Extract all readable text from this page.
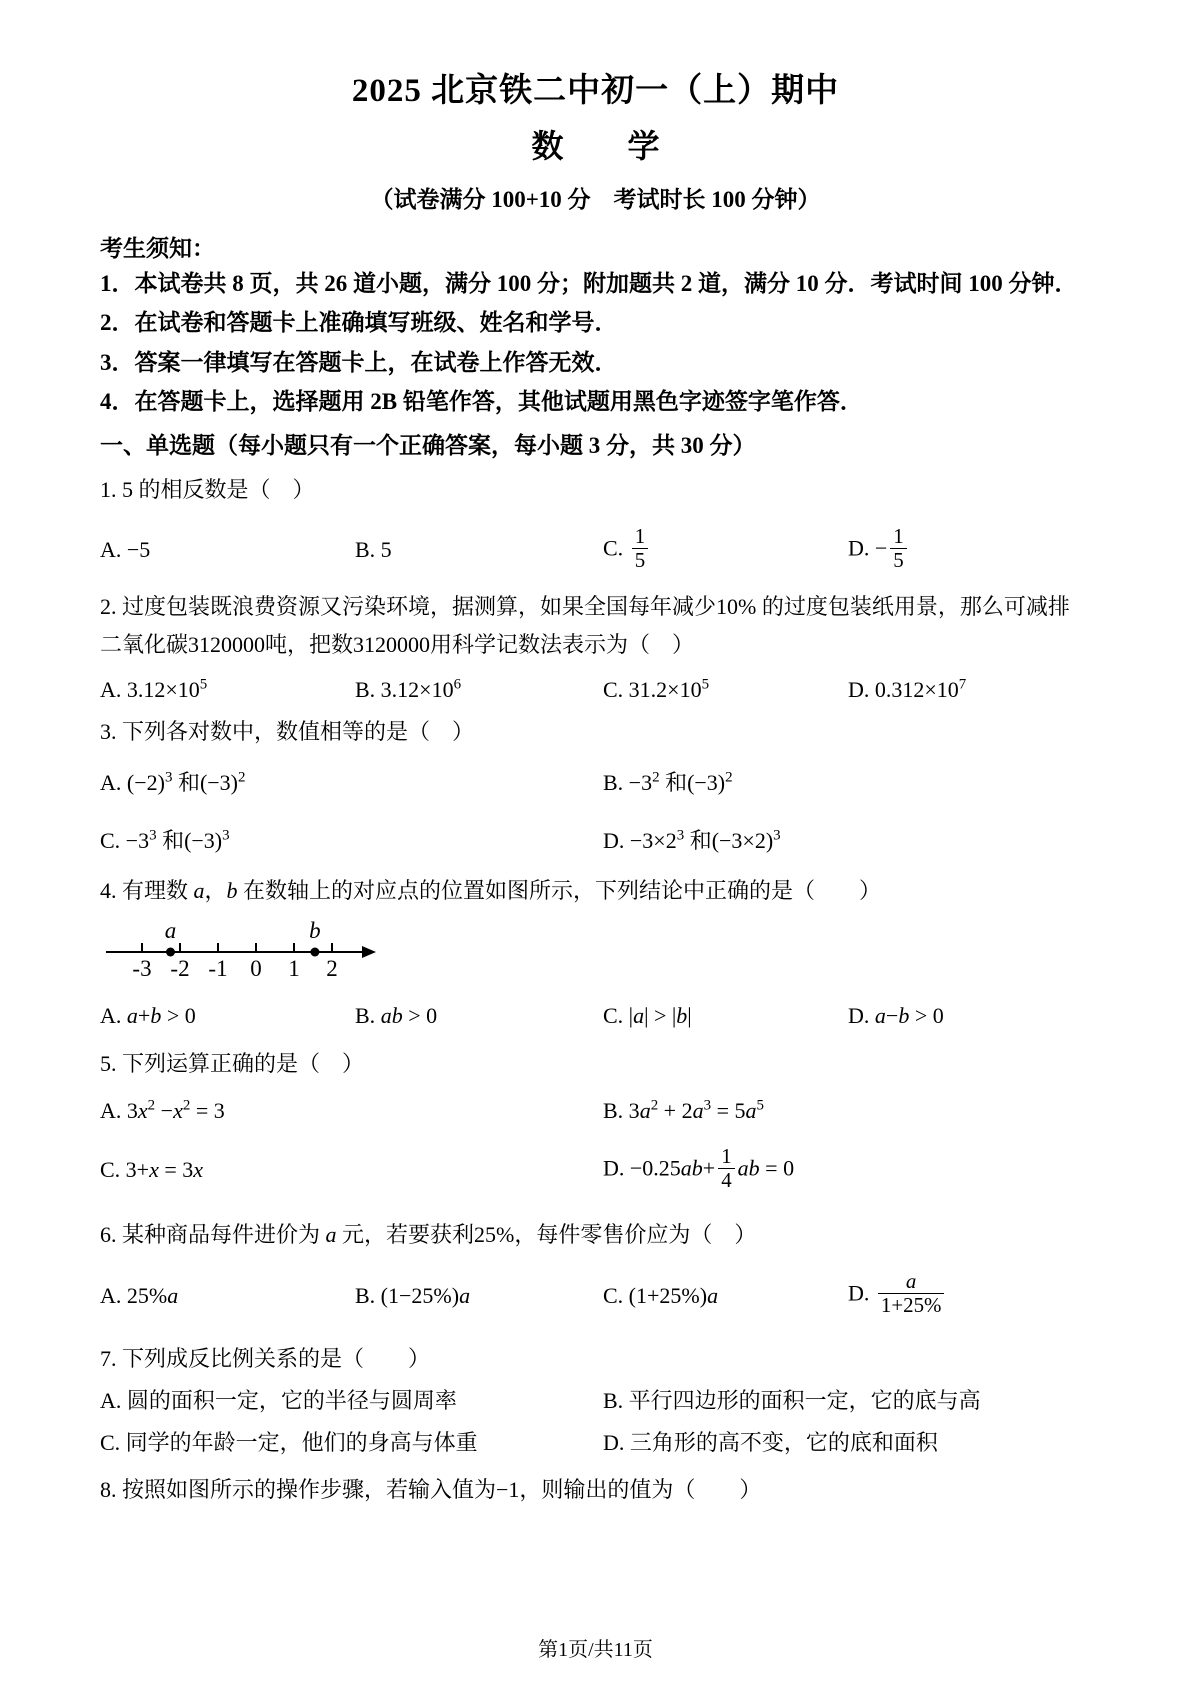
2025 北京铁二中初一（上）期中
数　　学
（试卷满分 100+10 分　考试时长 100 分钟）
考生须知：
1．本试卷共 8 页，共 26 道小题，满分 100 分；附加题共 2 道，满分 10 分．考试时间 100 分钟．
2．在试卷和答题卡上准确填写班级、姓名和学号．
3．答案一律填写在答题卡上，在试卷上作答无效．
4．在答题卡上，选择题用 2B 铅笔作答，其他试题用黑色字迹签字笔作答．
一、单选题（每小题只有一个正确答案，每小题 3 分，共 30 分）
1. 5 的相反数是（　）
A. −5	B. 5	C. $\frac{1}{5}$	D. − $\frac{1}{5}$
2. 过度包装既浪费资源又污染环境，据测算，如果全国每年减少10% 的过度包装纸用景，那么可减排二氧化碳3120000吨，把数3120000用科学记数法表示为（　）
A. $3.12\times 10^5$	B. $3.12\times 10^6$	C. $31.2\times 10^5$	D. $0.312\times 10^7$
3. 下列各对数中，数值相等的是（　）
A. $(-2)^3$ 和$(-3)^2$	B. $-3^2$ 和$(-3)^2$
C. $-3^3$ 和$(-3)^3$	D. $-3\times 2^3$ 和$(-3\times 2)^3$
4. 有理数 a，b 在数轴上的对应点的位置如图所示，下列结论中正确的是（　　）
-3 -2 -1 0 1 2
a	b
A. a+b > 0	B. ab > 0	C. |a| > |b|	D. a−b > 0
5. 下列运算正确的是（　）
A. $3x^2 -x^2 = 3$	B. $3a^2 + 2a^3 = 5a^5$
C. 3+x = 3x	D. $-0.25ab+ \frac{1}{4}$ ab = 0
6. 某种商品每件进价为 a 元，若要获利25%，每件零售价应为（　）
A. 25%a	B. (1−25%)a	C. (1+25%)a	D. $\frac{a}{1+25\%}$
7. 下列成反比例关系的是（　　）
A. 圆的面积一定，它的半径与圆周率	B. 平行四边形的面积一定，它的底与高
C. 同学的年龄一定，他们的身高与体重	D. 三角形的高不变，它的底和面积
8. 按照如图所示的操作步骤，若输入值为−1，则输出的值为（　　）
第1页/共11页
